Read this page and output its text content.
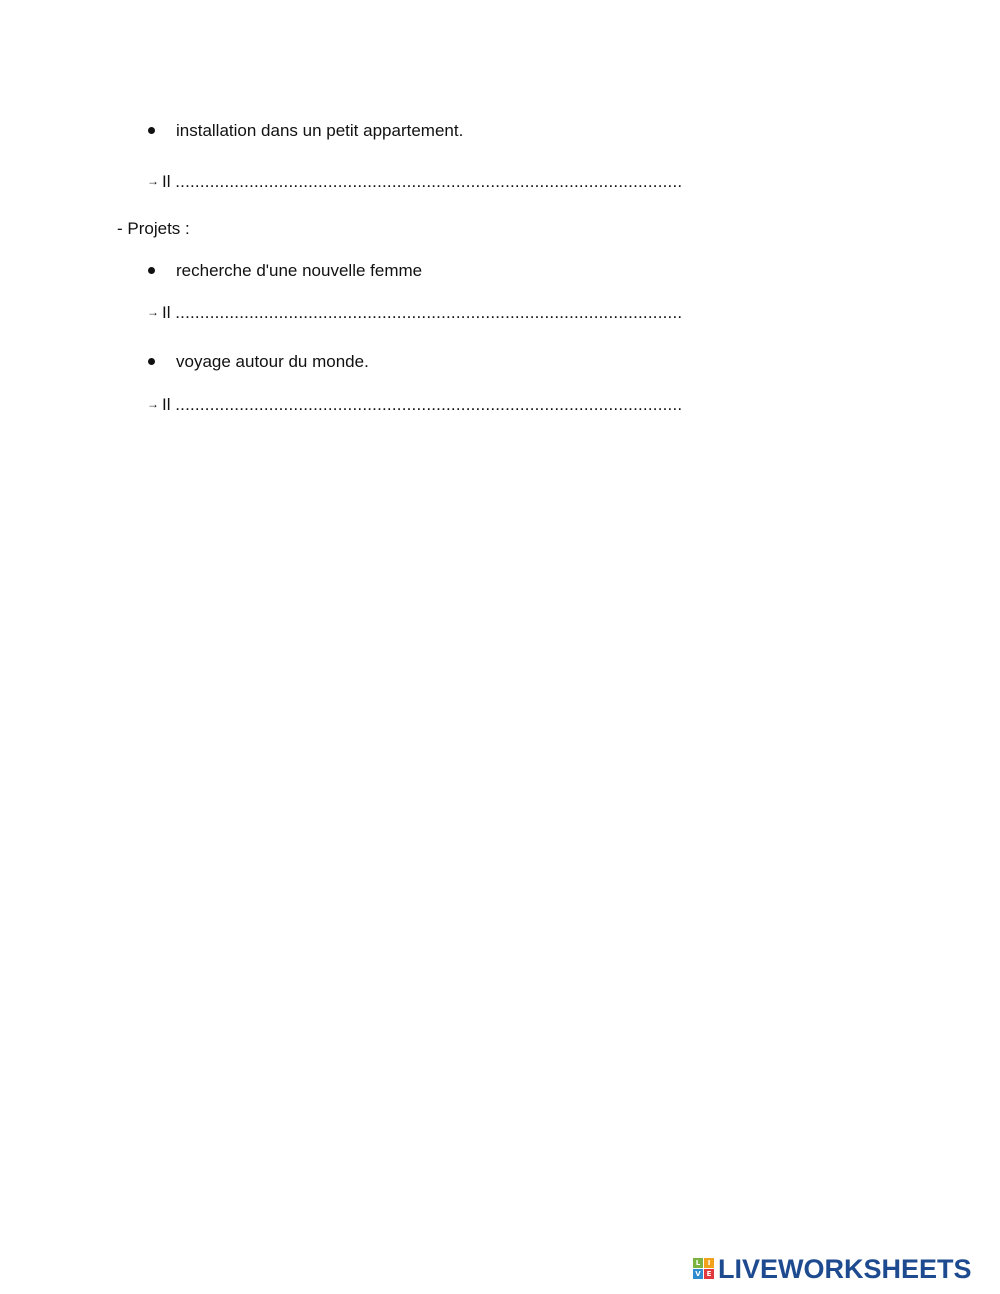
installation dans un petit appartement.
→ Il .......................................................................................................
- Projets :
recherche d'une nouvelle femme
→ Il .......................................................................................................
voyage autour du monde.
→ Il .......................................................................................................
L	I
V E LIVEWORKSHEETS
